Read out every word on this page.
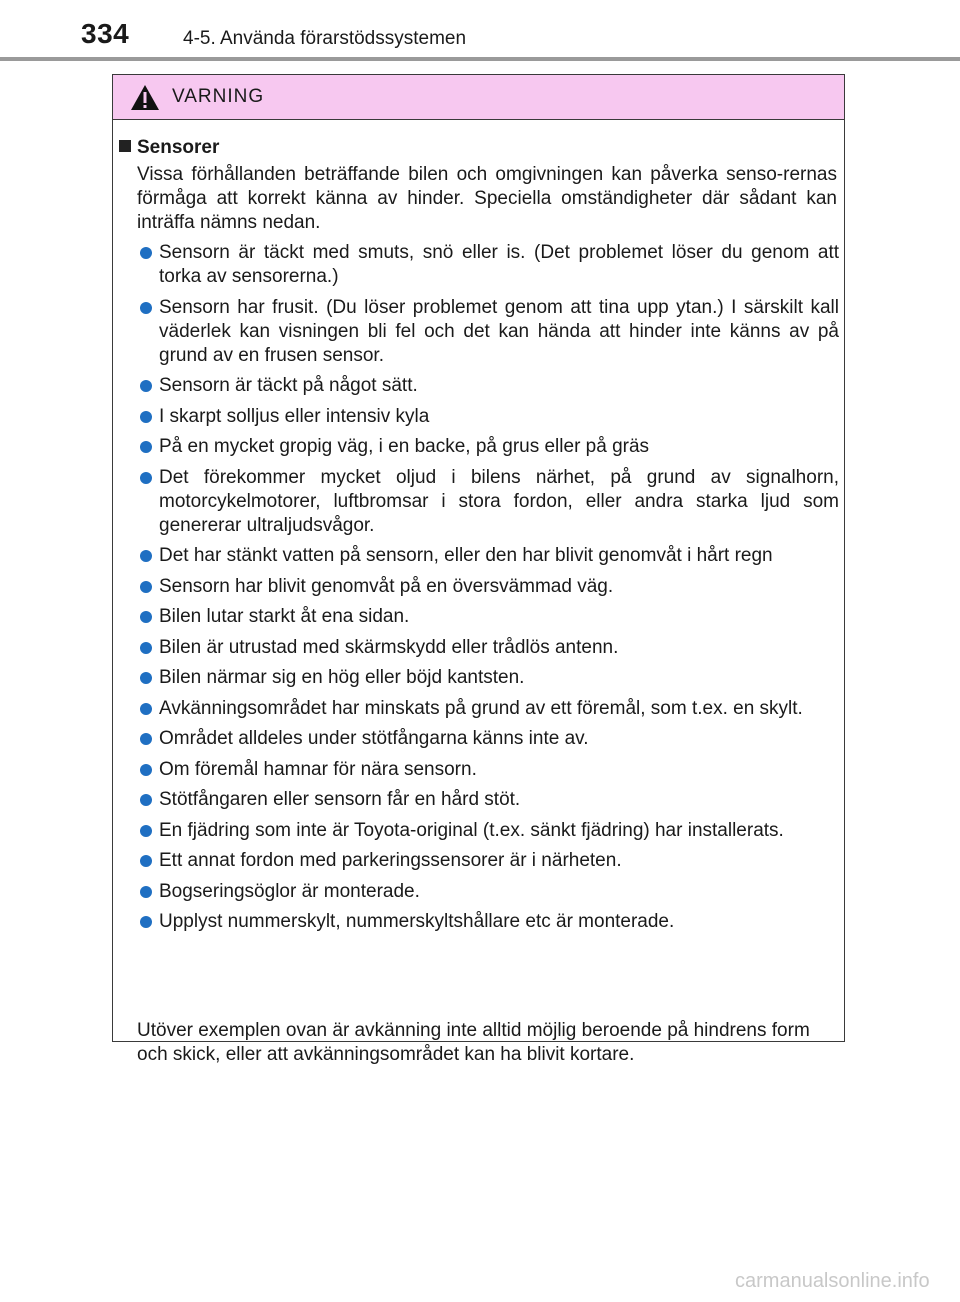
334	4-5. Använda förarstödssystemen
VARNING
Sensorer
Vissa förhållanden beträffande bilen och omgivningen kan påverka senso-rernas förmåga att korrekt känna av hinder. Speciella omständigheter där sådant kan inträffa nämns nedan.
Sensorn är täckt med smuts, snö eller is. (Det problemet löser du genom att torka av sensorerna.)
Sensorn har frusit. (Du löser problemet genom att tina upp ytan.) I särskilt kall väderlek kan visningen bli fel och det kan hända att hinder inte känns av på grund av en frusen sensor.
Sensorn är täckt på något sätt.
I skarpt solljus eller intensiv kyla
På en mycket gropig väg, i en backe, på grus eller på gräs
Det förekommer mycket oljud i bilens närhet, på grund av signalhorn, motorcykelmotorer, luftbromsar i stora fordon, eller andra starka ljud som genererar ultraljudsvågor.
Det har stänkt vatten på sensorn, eller den har blivit genomvåt i hårt regn
Sensorn har blivit genomvåt på en översvämmad väg.
Bilen lutar starkt åt ena sidan.
Bilen är utrustad med skärmskydd eller trådlös antenn.
Bilen närmar sig en hög eller böjd kantsten.
Avkänningsområdet har minskats på grund av ett föremål, som t.ex. en skylt.
Området alldeles under stötfångarna känns inte av.
Om föremål hamnar för nära sensorn.
Stötfångaren eller sensorn får en hård stöt.
En fjädring som inte är Toyota-original (t.ex. sänkt fjädring) har installerats.
Ett annat fordon med parkeringssensorer är i närheten.
Bogseringsöglor är monterade.
Upplyst nummerskylt, nummerskyltshållare etc är monterade.
Utöver exemplen ovan är avkänning inte alltid möjlig beroende på hindrens form och skick, eller att avkänningsområdet kan ha blivit kortare.
carmanualsonline.info
